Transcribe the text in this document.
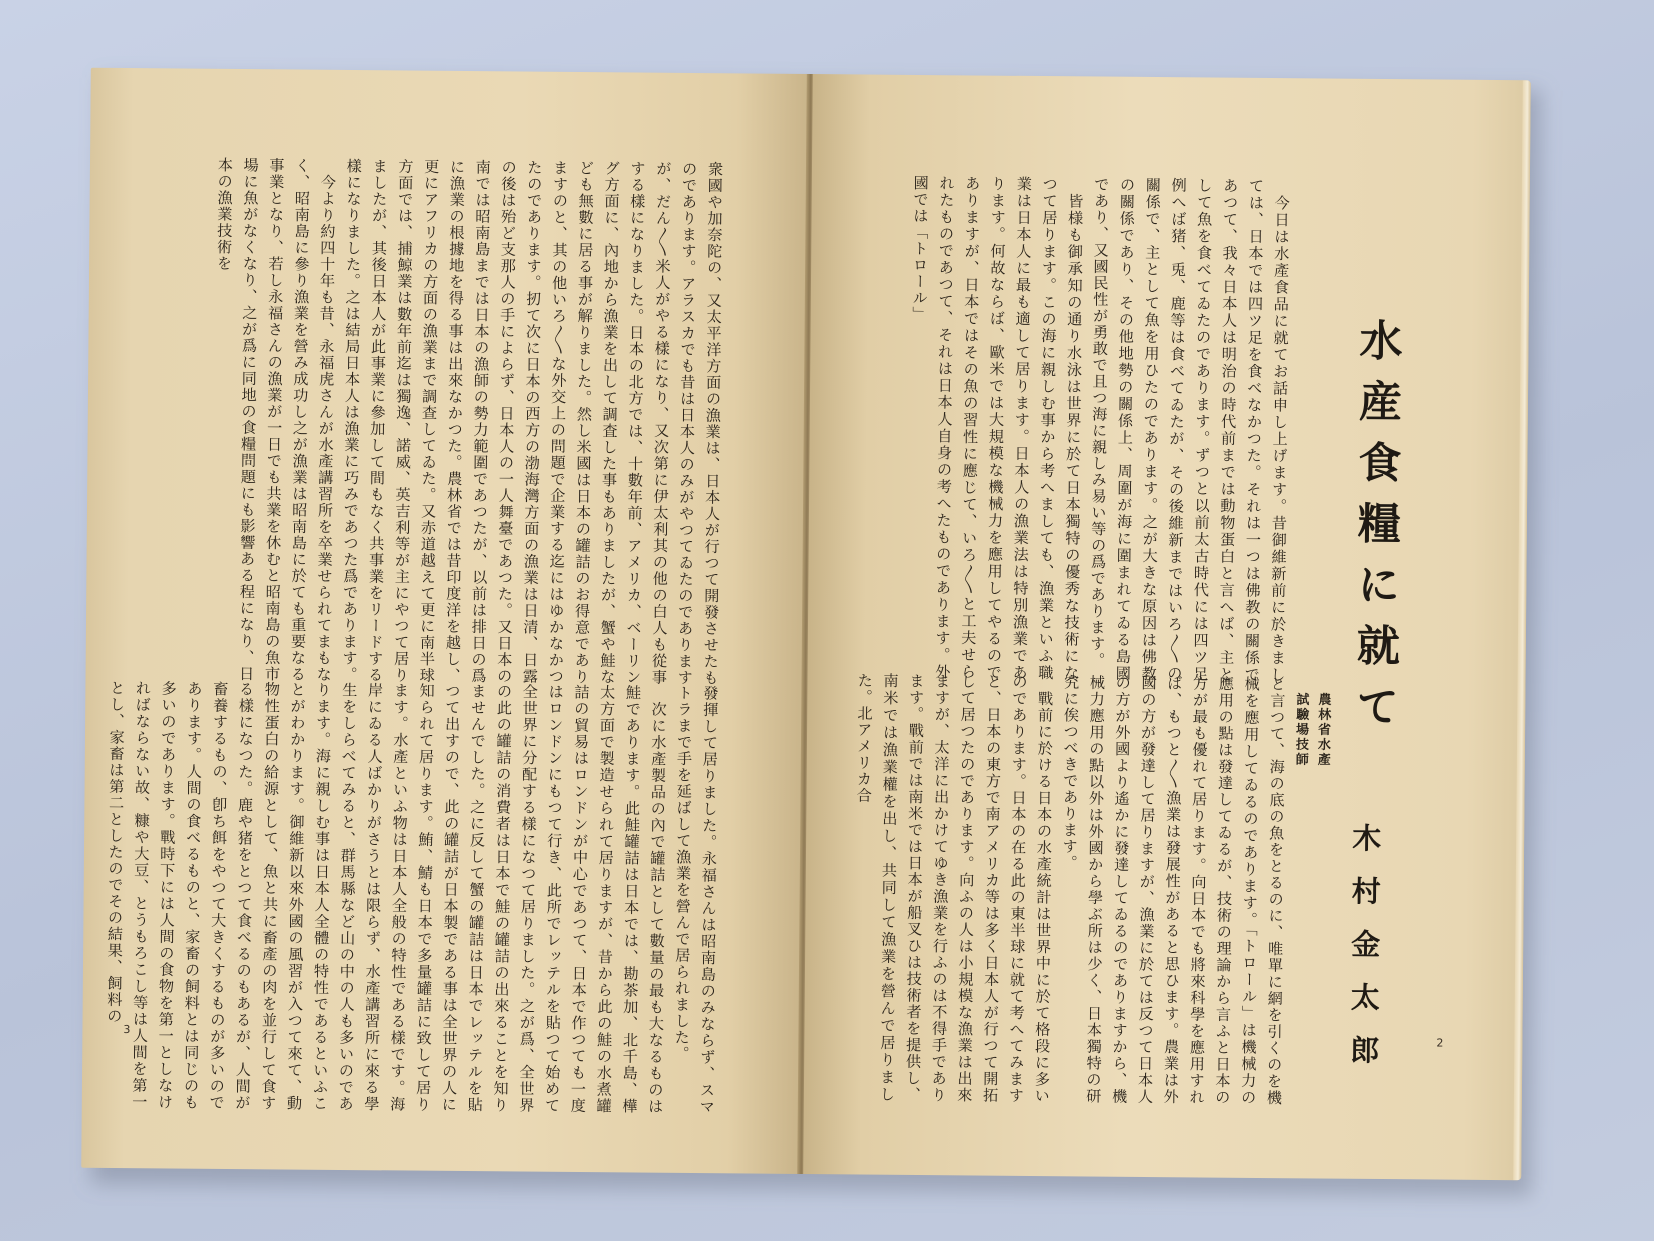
衆國や加奈陀の、又太平洋方面の漁業は、日本人が行つて開發させたものであります。アラスカでも昔は日本人のみがやつてゐたのでありますが、だん〳〵米人がやる樣になり、又次第に伊太利其の他の白人も從事する樣になりました。日本の北方では、十數年前、アメリカ、ベーリング方面に、內地から漁業を出して調査した事もありましたが、蟹や鮭なども無數に居る事が解りました。然し米國は日本の罐詰のお得意でありますのと、其の他いろ〳〵な外交上の問題で企業する迄にはゆかなかつたのであります。扨て次に日本の西方の渤海灣方面の漁業は日清、日露の後は殆ど支那人の手によらず、日本人の一人舞臺であつた。又日本の南では昭南島までは日本の漁師の勢力範圍であつたが、以前は排日の爲に漁業の根據地を得る事は出來なかつた。農林省では昔印度洋を越し、更にアフリカの方面の漁業まで調查してゐた。又赤道越えて更に南半球方面では、捕鯨業は數年前迄は獨逸、諾威、英吉利等が主にやつて居りましたが、其後日本人が此事業に參加して間もなく共事業をリードする樣になりました。之は結局日本人は漁業に巧みであつた爲であります。

　今より約四十年も昔、永福虎さんが水產講習所を卒業せられてまもなく、昭南島に參り漁業を營み成功し之が漁業は昭南島に於ても重要なる事業となり、若し永福さんの漁業が一日でも共業を休むと昭南島の魚市場に魚がなくなり、之が爲に同地の食糧問題にも影響ある程になり、日本の漁業技術を

發揮して居りました。永福さんは昭南島のみならず、スマトラまで手を延ばして漁業を營んで居られました。

　次に水產製品の內で罐詰として數量の最も大なるものは鮭であります。此鮭罐詰は日本では、勘茶加、北千島、樺太方面で製造せられて居りますが、昔から此の鮭の水煮罐詰の貿易はロンドンが中心であつて、日本で作つても一度はロンドンにもつて行き、此所でレッテルを貼つて始めて全世界に分配する樣になつて居りました。之が爲、全世界の此の罐詰の消費者は日本で鮭の罐詰の出來ることを知りませんでした。之に反して蟹の罐詰は日本でレッテルを貼つて出すので、此の罐詰が日本製である事は全世界の人に知られて居ります。鮪、鯖も日本で多量罐詰に致して居ります。水產といふ物は日本人全般の特性である樣です。海岸にゐる人ばかりがさうとは限らず、水產講習所に來る學生をしらべてみると、群馬縣など山の中の人も多いのであります。海に親しむ事は日本人全體の特性であるといふことがわかります。御維新以來外國の風習が入つて來て、動物性蛋白の給源として、魚と共に畜產の肉を並行して食する樣になつた。鹿や猪をとつて食べるのもあるが、人間が畜養するもの、卽ち餌をやつて大きくするものが多いのであります。人間の食べるものと、家畜の飼料とは同じのも多いのであります。戰時下には人間の食物を第一としなければならない故、糠や大豆、とうもろこし等は人間を第一とし、家畜は第二としたのでその結果、飼料の

3

　今日は水產食品に就てお話申し上げます。昔御維新前に於きましては、日本では四ツ足を食べなかつた。それは一つは佛教の關係であつて、我々日本人は明治の時代前までは動物蛋白と言へば、主として魚を食べてゐたのであります。ずつと以前太古時代には四ツ足例へば猪、兎、鹿等は食べてゐたが、その後維新まではいろ〳〵の關係で、主として魚を用ひたのであります。之が大きな原因は佛教の關係であり、その他地勢の關係上、周圍が海に圍まれてゐる島國であり、又國民性が勇敢で且つ海に親しみ易い等の爲であります。

　皆様も御承知の通り水泳は世界に於て日本獨特の優秀な技術になつて居ります。この海に親しむ事から考へましても、漁業といふ職業は日本人に最も適して居ります。日本人の漁業法は特別漁業であります。何故ならば、歐米では大規模な機械力を應用してやるのでありますが、日本ではその魚の習性に應じて、いろ〳〵と工夫せられたものであつて、それは日本人自身の考へたものであります。外國では「トロール」

と言つて、海の底の魚をとるのに、唯單に網を引くのを機械を應用してゐるのであります。「トロール」は機械力の應用の點は發達してゐるが、技術の理論から言ふと日本の方が最も優れて居ります。向日本でも將來科學を應用すれば、もつと〳〵漁業は發展性があると思ひます。農業は外國の方が發達して居りますが、漁業に於ては反つて日本人の方が外國より遙かに發達してゐるのでありますから、機械力應用の點以外は外國から學ぶ所は少く、日本獨特の研究に俟つべきであります。

　戰前に於ける日本の水產統計は世界中に於て格段に多いのであります。日本の在る此の東半球に就て考へてみますと、日本の東方で南アメリカ等は多く日本人が行つて開拓して居つたのであります。向ふの人は小規模な漁業は出來ますが、太洋に出かけてゆき漁業を行ふのは不得手であります。戰前では南米では日本が船叉ひは技術者を提供し、南米では漁業權を出し、共同して漁業を營んで居りました。北アメリカ合	水産食糧に就て
農林省水產
試驗場技師
木村金太郎	2
